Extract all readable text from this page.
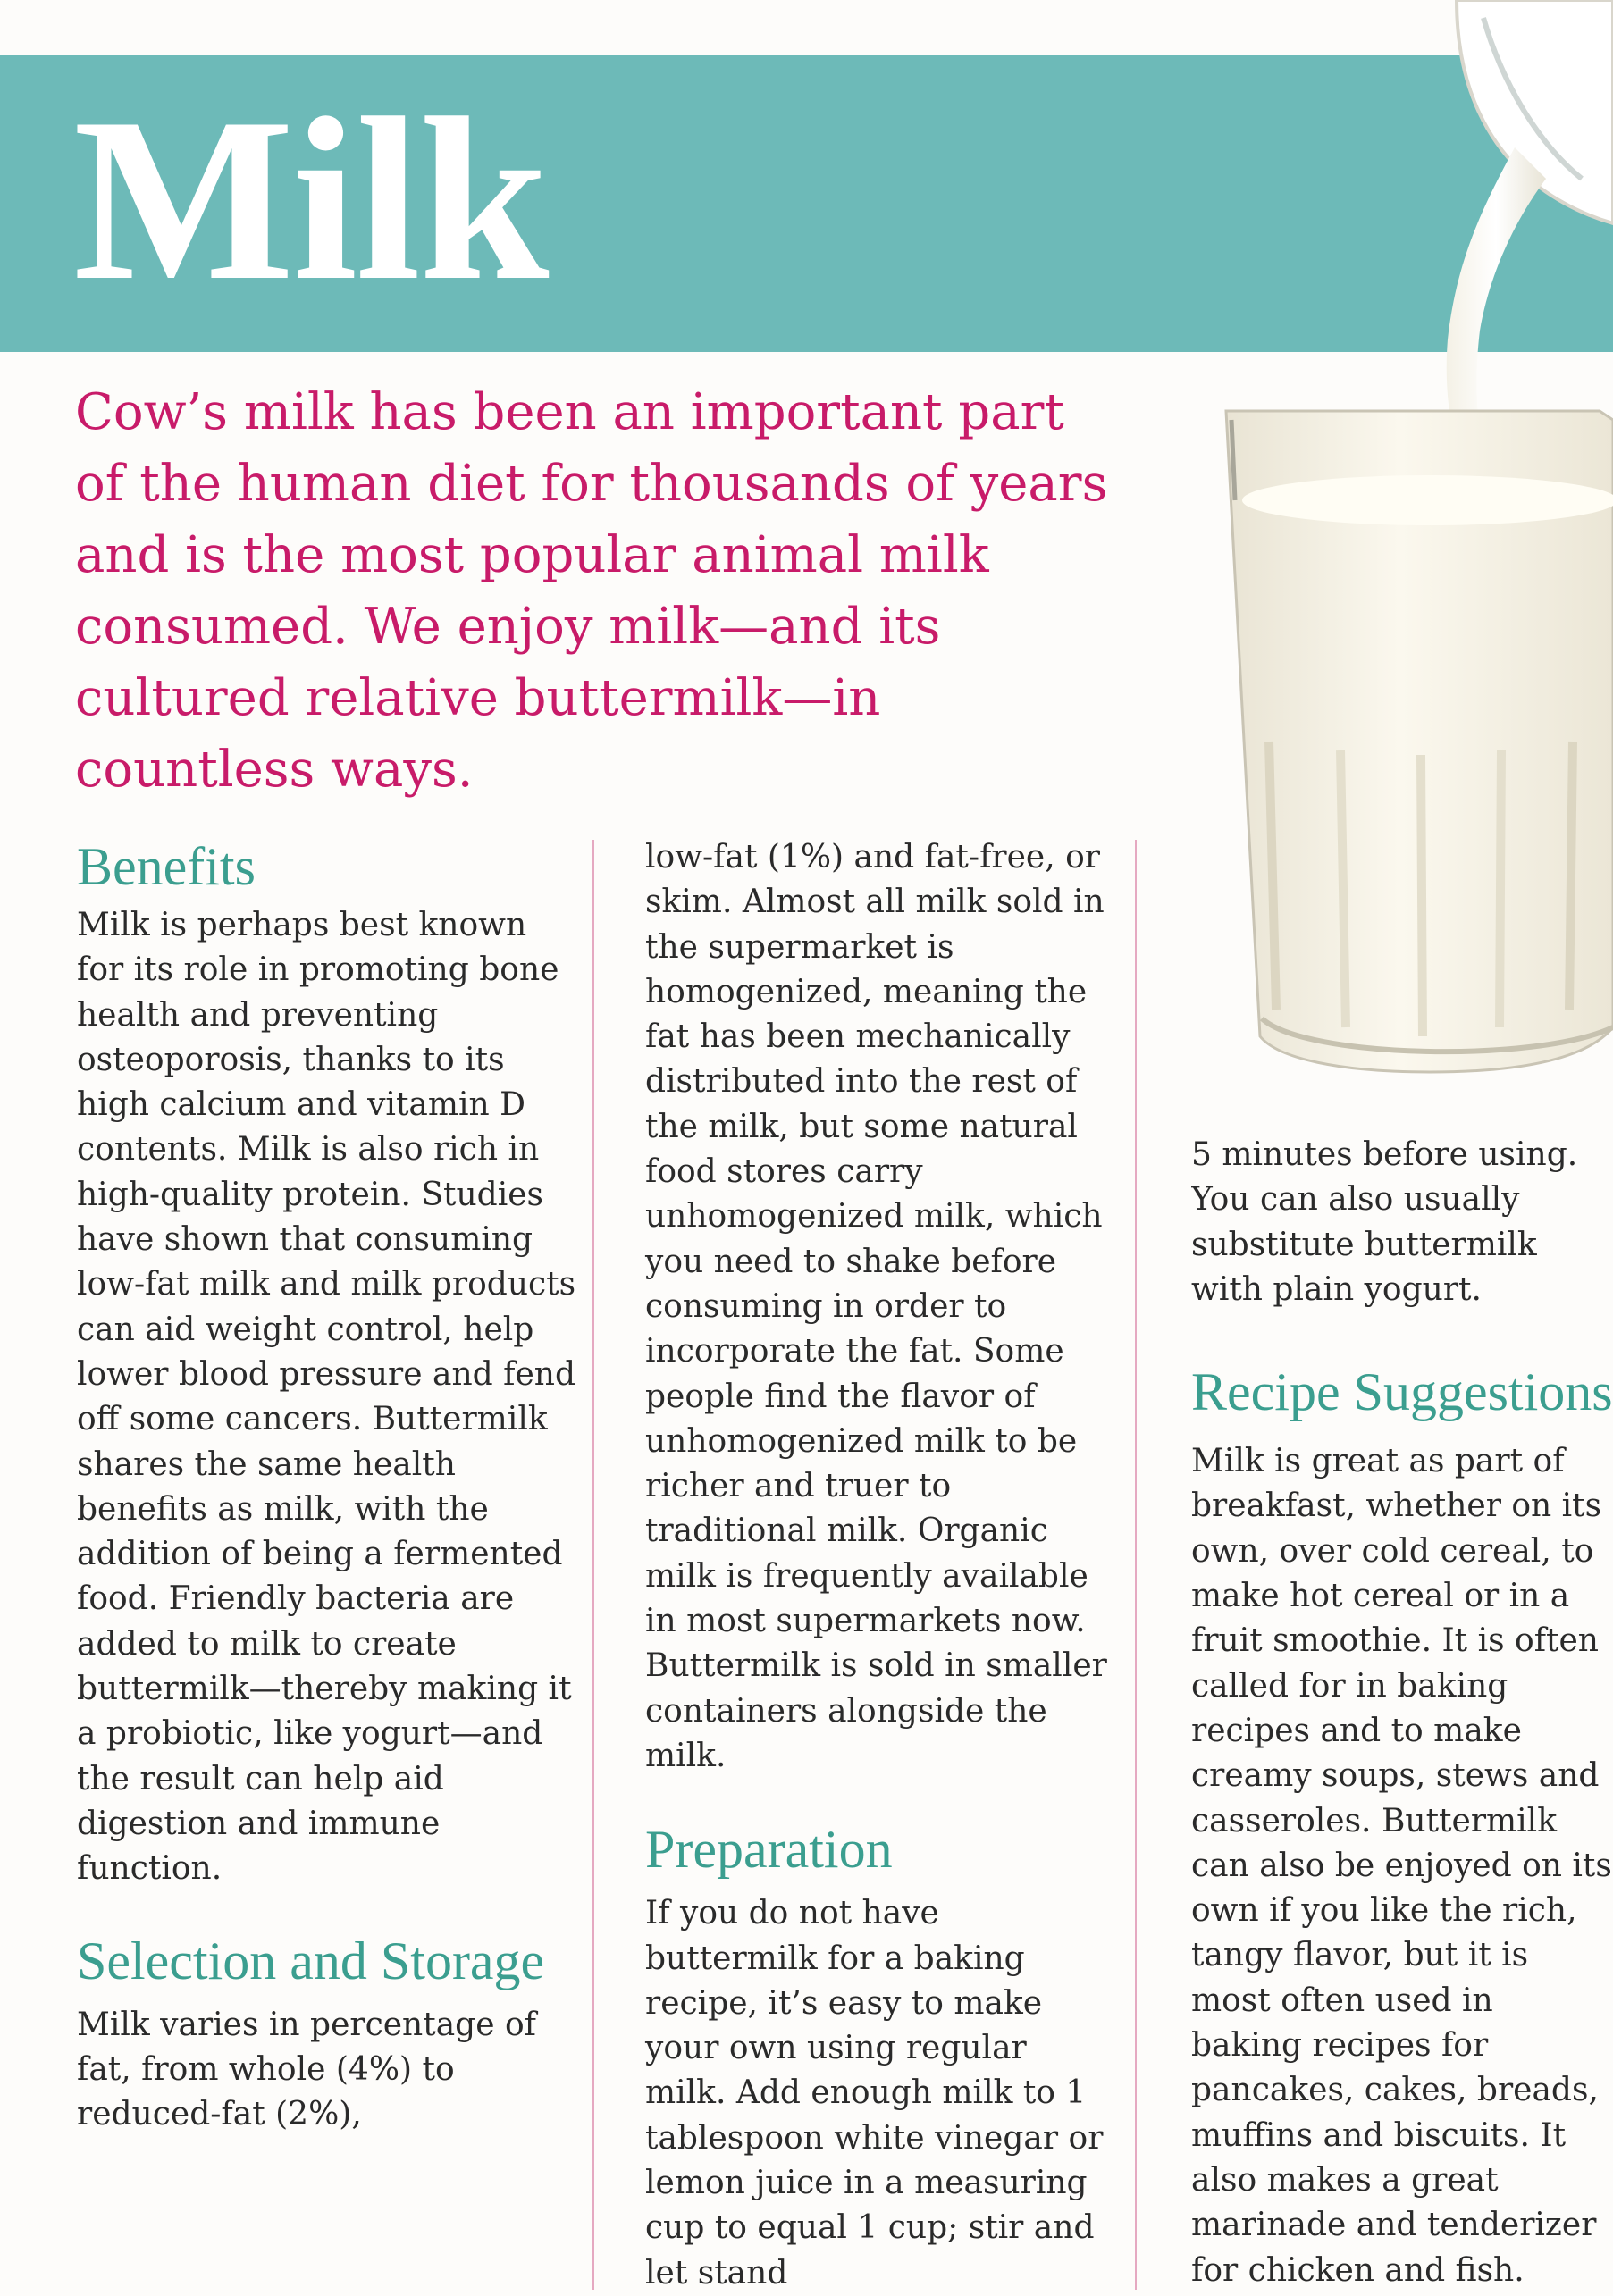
Milk

Cow’s milk has been an important part of the human diet for thousands of years and is the most popular animal milk consumed. We enjoy milk—and its cultured relative buttermilk—in countless ways.

Benefits

Milk is perhaps best known for its role in promoting bone health and preventing osteoporosis, thanks to its high calcium and vitamin D contents. Milk is also rich in high-quality protein. Studies have shown that consuming low-fat milk and milk products can aid weight control, help lower blood pressure and fend off some cancers. Buttermilk shares the same health benefits as milk, with the addition of being a fermented food. Friendly bacteria are added to milk to create buttermilk—thereby making it a probiotic, like yogurt—and the result can help aid digestion and immune function.

Selection and Storage

Milk varies in percentage of fat, from whole (4%) to reduced-fat (2%),

low-fat (1%) and fat-free, or skim. Almost all milk sold in the supermarket is homogenized, meaning the fat has been mechanically distributed into the rest of the milk, but some natural food stores carry unhomogenized milk, which you need to shake before consuming in order to incorporate the fat. Some people find the flavor of unhomogenized milk to be richer and truer to traditional milk. Organic milk is frequently available in most supermarkets now. Buttermilk is sold in smaller containers alongside the milk.

Preparation

If you do not have buttermilk for a baking recipe, it’s easy to make your own using regular milk. Add enough milk to 1 tablespoon white vinegar or lemon juice in a measuring cup to equal 1 cup; stir and let stand

5 minutes before using. You can also usually substitute buttermilk with plain yogurt.

Recipe Suggestions

Milk is great as part of breakfast, whether on its own, over cold cereal, to make hot cereal or in a fruit smoothie. It is often called for in baking recipes and to make creamy soups, stews and casseroles. Buttermilk can also be enjoyed on its own if you like the rich, tangy flavor, but it is most often used in baking recipes for pancakes, cakes, breads, muffins and biscuits. It also makes a great marinade and tenderizer for chicken and fish.
